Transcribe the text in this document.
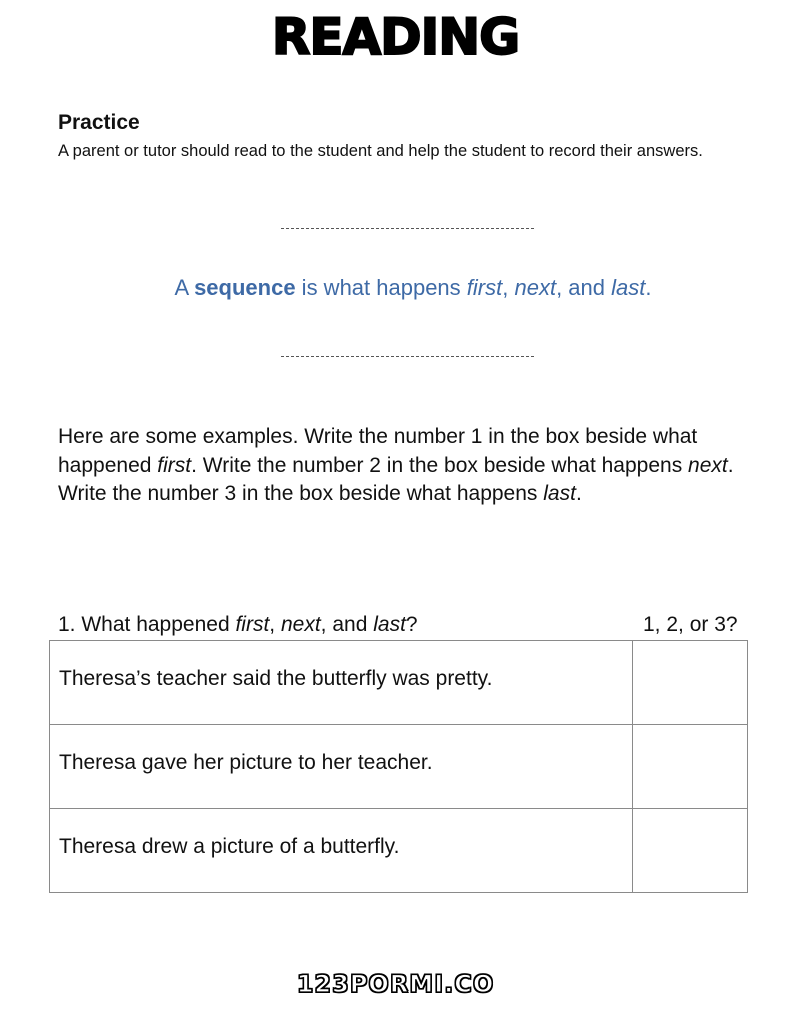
READING
Practice
A parent or tutor should read to the student and help the student to record their answers.
A sequence is what happens first, next, and last.
Here are some examples. Write the number 1 in the box beside what happened first. Write the number 2 in the box beside what happens next. Write the number 3 in the box beside what happens last.
1. What happened first, next, and last?	1, 2, or 3?
Theresa’s teacher said the butterfly was pretty.	
Theresa gave her picture to her teacher.	
Theresa drew a picture of a butterfly.	
123PORMI.CO
